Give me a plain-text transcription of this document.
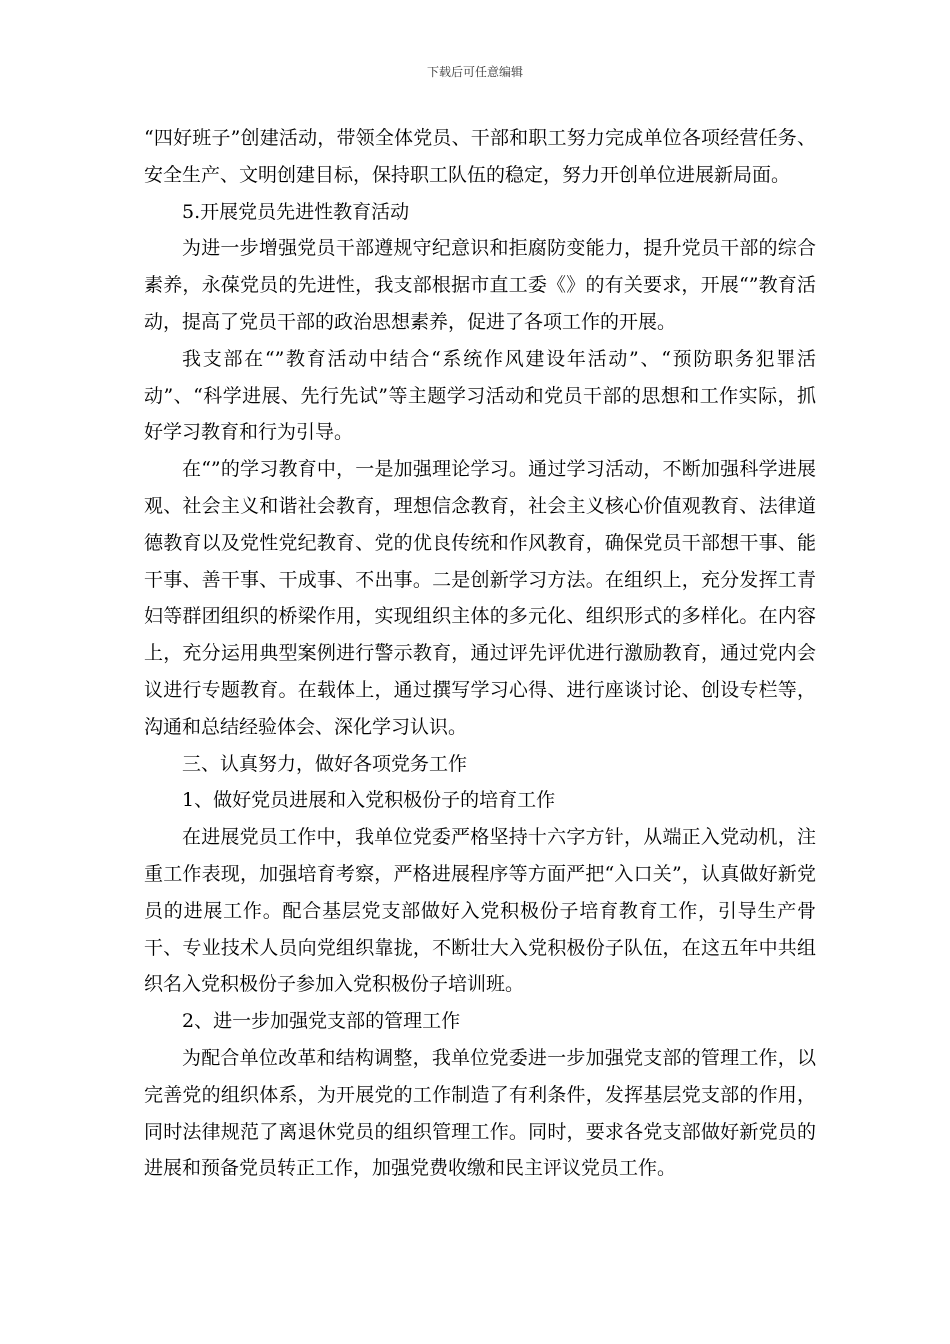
下载后可任意编辑

“四好班子”创建活动，带领全体党员、干部和职工努力完成单位各项经营任务、安全生产、文明创建目标，保持职工队伍的稳定，努力开创单位进展新局面。

5.开展党员先进性教育活动

为进一步增强党员干部遵规守纪意识和拒腐防变能力，提升党员干部的综合素养，永葆党员的先进性，我支部根据市直工委《》的有关要求，开展“”教育活动，提高了党员干部的政治思想素养，促进了各项工作的开展。

我支部在“”教育活动中结合“系统作风建设年活动”、“预防职务犯罪活动”、“科学进展、先行先试”等主题学习活动和党员干部的思想和工作实际，抓好学习教育和行为引导。

在“”的学习教育中，一是加强理论学习。通过学习活动，不断加强科学进展观、社会主义和谐社会教育，理想信念教育，社会主义核心价值观教育、法律道德教育以及党性党纪教育、党的优良传统和作风教育，确保党员干部想干事、能干事、善干事、干成事、不出事。二是创新学习方法。在组织上，充分发挥工青妇等群团组织的桥梁作用，实现组织主体的多元化、组织形式的多样化。在内容上，充分运用典型案例进行警示教育，通过评先评优进行激励教育，通过党内会议进行专题教育。在载体上，通过撰写学习心得、进行座谈讨论、创设专栏等，沟通和总结经验体会、深化学习认识。

三、认真努力，做好各项党务工作

1、做好党员进展和入党积极份子的培育工作

在进展党员工作中，我单位党委严格坚持十六字方针，从端正入党动机，注重工作表现，加强培育考察，严格进展程序等方面严把“入口关”，认真做好新党员的进展工作。配合基层党支部做好入党积极份子培育教育工作，引导生产骨干、专业技术人员向党组织靠拢，不断壮大入党积极份子队伍，在这五年中共组织名入党积极份子参加入党积极份子培训班。

2、进一步加强党支部的管理工作

为配合单位改革和结构调整，我单位党委进一步加强党支部的管理工作，以完善党的组织体系，为开展党的工作制造了有利条件，发挥基层党支部的作用，同时法律规范了离退休党员的组织管理工作。同时，要求各党支部做好新党员的进展和预备党员转正工作，加强党费收缴和民主评议党员工作。
